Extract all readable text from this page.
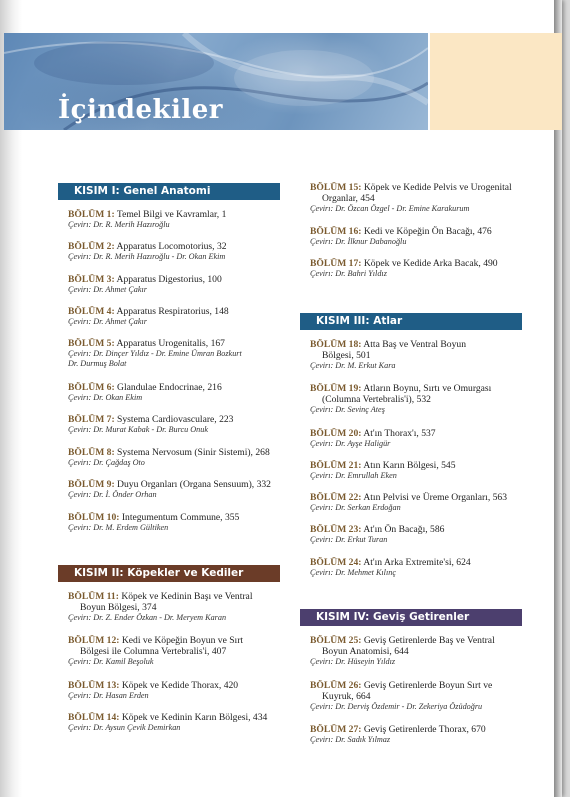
İçindekiler
KISIM I: Genel Anatomi
BÖLÜM 1: Temel Bilgi ve Kavramlar, 1
Çevirı: Dr. R. Merih Hazıroğlu
BÖLÜM 2: Apparatus Locomotorius, 32
Çevirı: Dr. R. Merih Hazıroğlu - Dr. Okan Ekim
BÖLÜM 3: Apparatus Digestorius, 100
Çevirı: Dr. Ahmet Çakır
BÖLÜM 4: Apparatus Respiratorius, 148
Çevirı: Dr. Ahmet Çakır
BÖLÜM 5: Apparatus Urogenitalis, 167
Çevirı: Dr. Dinçer Yıldız - Dr. Emine Ümran Bozkurt
Dr. Durmuş Bolat
BÖLÜM 6: Glandulae Endocrinae, 216
Çevirı: Dr. Okan Ekim
BÖLÜM 7: Systema Cardiovasculare, 223
Çevirı: Dr. Murat Kabak - Dr. Burcu Onuk
BÖLÜM 8: Systema Nervosum (Sinir Sistemi), 268
Çevirı: Dr. Çağdaş Oto
BÖLÜM 9: Duyu Organları (Organa Sensuum), 332
Çevirı: Dr. İ. Önder Orhan
BÖLÜM 10: Integumentum Commune, 355
Çevirı: Dr. M. Erdem Gültiken
KISIM II: Köpekler ve Kediler
BÖLÜM 11: Köpek ve Kedinin Başı ve Ventral
Boyun Bölgesi, 374
Çevirı: Dr. Z. Ender Özkan - Dr. Meryem Karan
BÖLÜM 12: Kedi ve Köpeğin Boyun ve Sırt
Bölgesi ile Columna Vertebralis'i, 407
Çevirı: Dr. Kamil Beşoluk
BÖLÜM 13: Köpek ve Kedide Thorax, 420
Çevirı: Dr. Hasan Erden
BÖLÜM 14: Köpek ve Kedinin Karın Bölgesi, 434
Çevirı: Dr. Aysun Çevik Demirkan
BÖLÜM 15: Köpek ve Kedide Pelvis ve Urogenital
Organlar, 454
Çevirı: Dr. Özcan Özgel - Dr. Emine Karakurum
BÖLÜM 16: Kedi ve Köpeğin Ön Bacağı, 476
Çevirı: Dr. İlknur Dabanoğlu
BÖLÜM 17: Köpek ve Kedide Arka Bacak, 490
Çevirı: Dr. Bahri Yıldız
KISIM III: Atlar
BÖLÜM 18: Atta Baş ve Ventral Boyun
Bölgesi, 501
Çevirı: Dr. M. Erkut Kara
BÖLÜM 19: Atların Boynu, Sırtı ve Omurgası
(Columna Vertebralis'i), 532
Çevirı: Dr. Sevinç Ateş
BÖLÜM 20: At'ın Thorax'ı, 537
Çevirı: Dr. Ayşe Haligür
BÖLÜM 21: Atın Karın Bölgesi, 545
Çevirı: Dr. Emrullah Eken
BÖLÜM 22: Atın Pelvisi ve Üreme Organları, 563
Çevirı: Dr. Serkan Erdoğan
BÖLÜM 23: At'ın Ön Bacağı, 586
Çevirı: Dr. Erkut Turan
BÖLÜM 24: At'ın Arka Extremite'si, 624
Çevirı: Dr. Mehmet Kılınç
KISIM IV: Geviş Getirenler
BÖLÜM 25: Geviş Getirenlerde Baş ve Ventral
Boyun Anatomisi, 644
Çevirı: Dr. Hüseyin Yıldız
BÖLÜM 26: Geviş Getirenlerde Boyun Sırt ve
Kuyruk, 664
Çevirı: Dr. Derviş Özdemir - Dr. Zekeriya Özüdoğru
BÖLÜM 27: Geviş Getirenlerde Thorax, 670
Çevirı: Dr. Sadık Yılmaz
